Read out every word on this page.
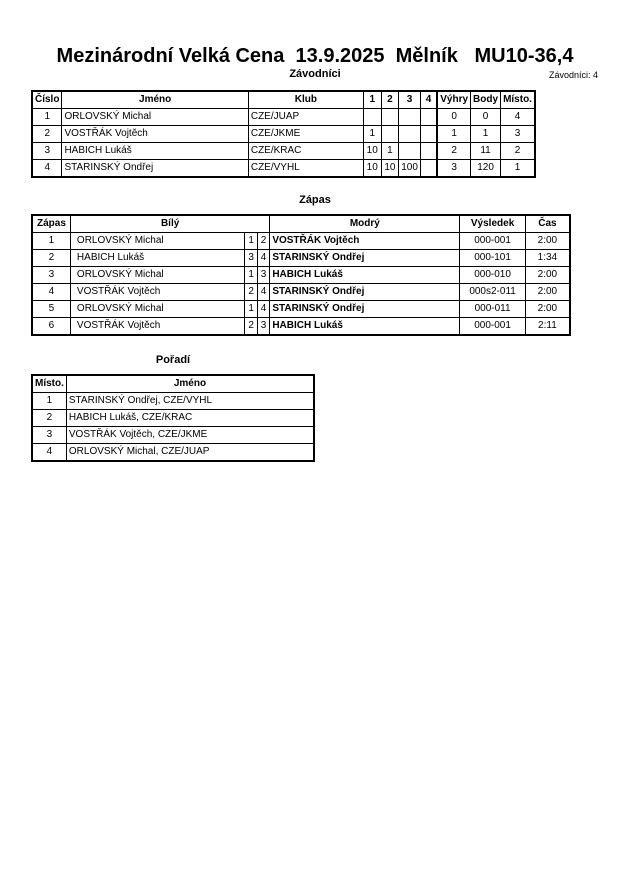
Mezinárodní Velká Cena  13.9.2025  Mělník   MU10-36,4
Závodníci	Závodníci: 4
Číslo	Jméno	Klub	1	2	3	4	Výhry	Body	Místo.
1	ORLOVSKÝ Michal	CZE/JUAP					0	0	4
2	VOSTŘÁK Vojtěch	CZE/JKME	1				1	1	3
3	HABICH Lukáš	CZE/KRAC	10	1			2	11	2
4	STARINSKÝ Ondřej	CZE/VYHL	10	10	100		3	120	1
Zápas
Zápas	Bílý			Modrý	Výsledek	Čas
1	ORLOVSKÝ Michal	1	2	VOSTŘÁK Vojtěch	000-001	2:00
2	HABICH Lukáš	3	4	STARINSKÝ Ondřej	000-101	1:34
3	ORLOVSKÝ Michal	1	3	HABICH Lukáš	000-010	2:00
4	VOSTŘÁK Vojtěch	2	4	STARINSKÝ Ondřej	000s2-011	2:00
5	ORLOVSKÝ Michal	1	4	STARINSKÝ Ondřej	000-011	2:00
6	VOSTŘÁK Vojtěch	2	3	HABICH Lukáš	000-001	2:11
Pořadí
Místo.	Jméno
1	STARINSKÝ Ondřej, CZE/VYHL
2	HABICH Lukáš, CZE/KRAC
3	VOSTŘÁK Vojtěch, CZE/JKME
4	ORLOVSKÝ Michal, CZE/JUAP
